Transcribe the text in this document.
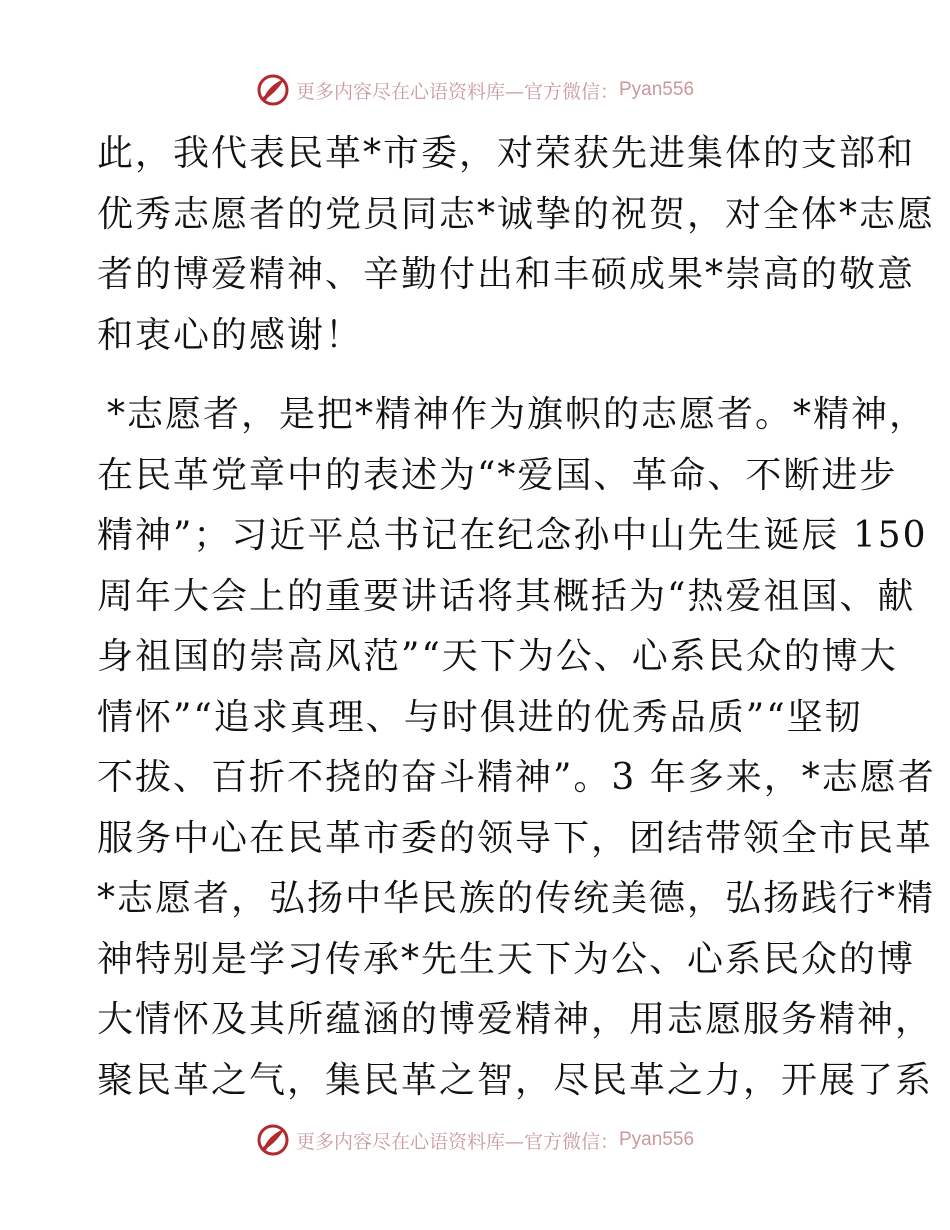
更多内容尽在心语资料库—官方微信： Pyan556

此，我代表民革*市委，对荣获先进集体的支部和
优秀志愿者的党员同志*诚挚的祝贺，对全体*志愿
者的博爱精神、辛勤付出和丰硕成果*崇高的敬意
和衷心的感谢！

*志愿者，是把*精神作为旗帜的志愿者。*精神，
在民革党章中的表述为“*爱国、革命、不断进步
精神”；习近平总书记在纪念孙中山先生诞辰 150
周年大会上的重要讲话将其概括为“热爱祖国、献
身祖国的崇高风范”“天下为公、心系民众的博大
情怀”“追求真理、与时俱进的优秀品质”“坚韧
不拔、百折不挠的奋斗精神”。3 年多来，*志愿者
服务中心在民革市委的领导下，团结带领全市民革
*志愿者，弘扬中华民族的传统美德，弘扬践行*精
神特别是学习传承*先生天下为公、心系民众的博
大情怀及其所蕴涵的博爱精神，用志愿服务精神，
聚民革之气，集民革之智，尽民革之力，开展了系

更多内容尽在心语资料库—官方微信： Pyan556
